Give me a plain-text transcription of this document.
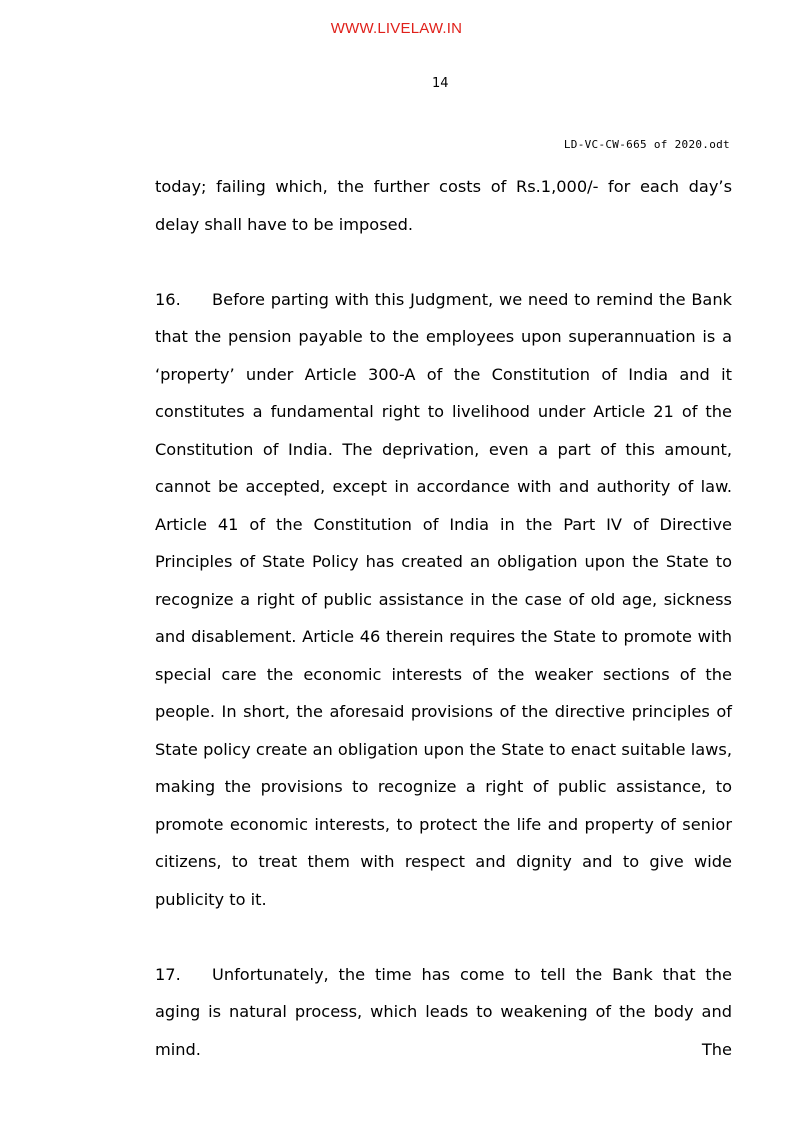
WWW.LIVELAW.IN
14
LD-VC-CW-665 of 2020.odt

today; failing which, the further costs of Rs.1,000/- for each day’s delay shall have to be imposed.

16. Before parting with this Judgment, we need to remind the Bank that the pension payable to the employees upon superannuation is a ‘property’ under Article 300-A of the Constitution of India and it constitutes a fundamental right to livelihood under Article 21 of the Constitution of India. The deprivation, even a part of this amount, cannot be accepted, except in accordance with and authority of law. Article 41 of the Constitution of India in the Part IV of Directive Principles of State Policy has created an obligation upon the State to recognize a right of public assistance in the case of old age, sickness and disablement. Article 46 therein requires the State to promote with special care the economic interests of the weaker sections of the people. In short, the aforesaid provisions of the directive principles of State policy create an obligation upon the State to enact suitable laws, making the provisions to recognize a right of public assistance, to promote economic interests, to protect the life and property of senior citizens, to treat them with respect and dignity and to give wide publicity to it.

17. Unfortunately, the time has come to tell the Bank that the aging is natural process, which leads to weakening of the body and mind. The
